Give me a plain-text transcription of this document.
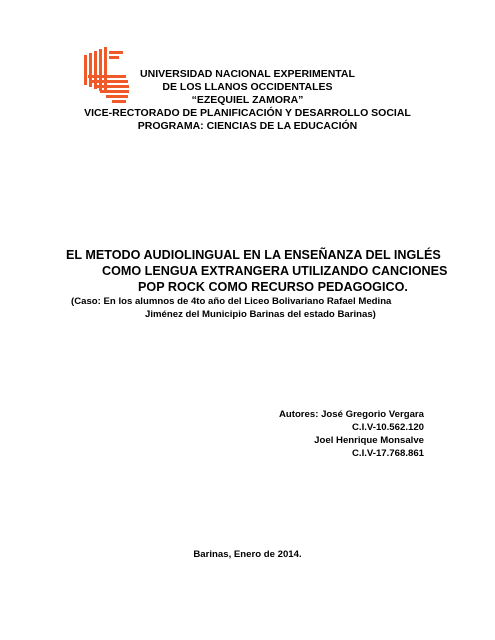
UNIVERSIDAD NACIONAL EXPERIMENTAL
DE LOS LLANOS OCCIDENTALES
“EZEQUIEL ZAMORA”
VICE-RECTORADO DE PLANIFICACIÓN Y DESARROLLO SOCIAL
PROGRAMA: CIENCIAS DE LA EDUCACIÓN
EL METODO AUDIOLINGUAL EN LA ENSEÑANZA DEL INGLÉS
COMO LENGUA EXTRANGERA UTILIZANDO CANCIONES
POP ROCK COMO RECURSO PEDAGOGICO.
(Caso: En los alumnos de 4to año del Liceo Bolivariano Rafael Medina
Jiménez del Municipio Barinas del estado Barinas)
Autores: José Gregorio Vergara
C.I.V-10.562.120
Joel Henrique Monsalve
C.I.V-17.768.861
Barinas, Enero de 2014.
